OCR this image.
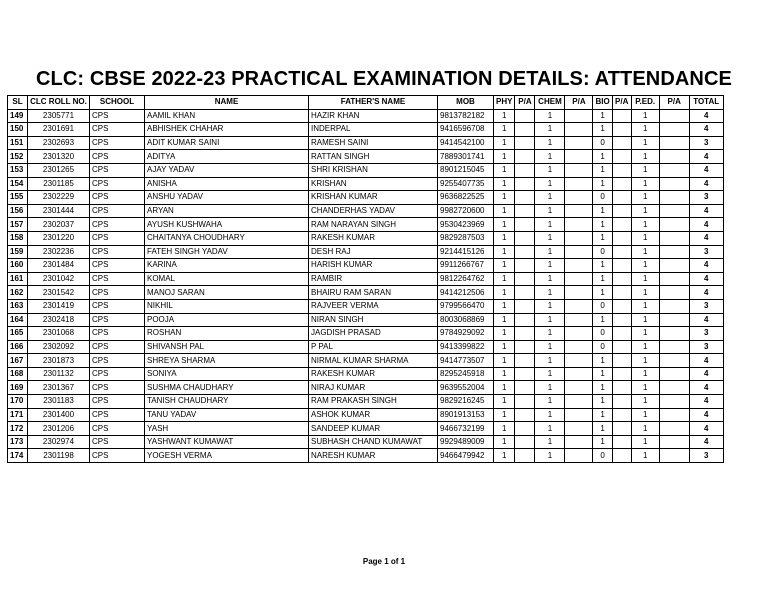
CLC: CBSE 2022-23 PRACTICAL EXAMINATION DETAILS: ATTENDANCE
SL	CLC ROLL NO.	SCHOOL	NAME	FATHER'S NAME	MOB	PHY	P/A	CHEM	P/A	BIO	P/A	P.ED.	P/A	TOTAL
149	2305771	CPS	AAMIL KHAN	HAZIR KHAN	9813782182	1		1		1		1		4
150	2301691	CPS	ABHISHEK CHAHAR	INDERPAL	9416596708	1		1		1		1		4
151	2302693	CPS	ADIT KUMAR SAINI	RAMESH SAINI	9414542100	1		1		0		1		3
152	2301320	CPS	ADITYA	RATTAN SINGH	7889301741	1		1		1		1		4
153	2301265	CPS	AJAY YADAV	SHRI KRISHAN	8901215045	1		1		1		1		4
154	2301185	CPS	ANISHA	KRISHAN	9255407735	1		1		1		1		4
155	2302229	CPS	ANSHU YADAV	KRISHAN KUMAR	9636822525	1		1		0		1		3
156	2301444	CPS	ARYAN	CHANDERHAS YADAV	9982720600	1		1		1		1		4
157	2302037	CPS	AYUSH KUSHWAHA	RAM NARAYAN SINGH	9530423969	1		1		1		1		4
158	2301220	CPS	CHAITANYA CHOUDHARY	RAKESH KUMAR	9829287503	1		1		1		1		4
159	2302236	CPS	FATEH SINGH YADAV	DESH RAJ	9214415126	1		1		0		1		3
160	2301484	CPS	KARINA	HARISH KUMAR	9911266767	1		1		1		1		4
161	2301042	CPS	KOMAL	RAMBIR	9812264762	1		1		1		1		4
162	2301542	CPS	MANOJ SARAN	BHAIRU RAM SARAN	9414212506	1		1		1		1		4
163	2301419	CPS	NIKHIL	RAJVEER VERMA	9799566470	1		1		0		1		3
164	2302418	CPS	POOJA	NIRAN SINGH	8003068869	1		1		1		1		4
165	2301068	CPS	ROSHAN	JAGDISH PRASAD	9784929092	1		1		0		1		3
166	2302092	CPS	SHIVANSH PAL	P PAL	9413399822	1		1		0		1		3
167	2301873	CPS	SHREYA SHARMA	NIRMAL KUMAR SHARMA	9414773507	1		1		1		1		4
168	2301132	CPS	SONIYA	RAKESH KUMAR	8295245918	1		1		1		1		4
169	2301367	CPS	SUSHMA CHAUDHARY	NIRAJ KUMAR	9639552004	1		1		1		1		4
170	2301183	CPS	TANISH CHAUDHARY	RAM PRAKASH SINGH	9829216245	1		1		1		1		4
171	2301400	CPS	TANU YADAV	ASHOK KUMAR	8901913153	1		1		1		1		4
172	2301206	CPS	YASH	SANDEEP KUMAR	9466732199	1		1		1		1		4
173	2302974	CPS	YASHWANT KUMAWAT	SUBHASH CHAND KUMAWAT	9929489009	1		1		1		1		4
174	2301198	CPS	YOGESH VERMA	NARESH KUMAR	9466479942	1		1		0		1		3
Page 1 of 1
